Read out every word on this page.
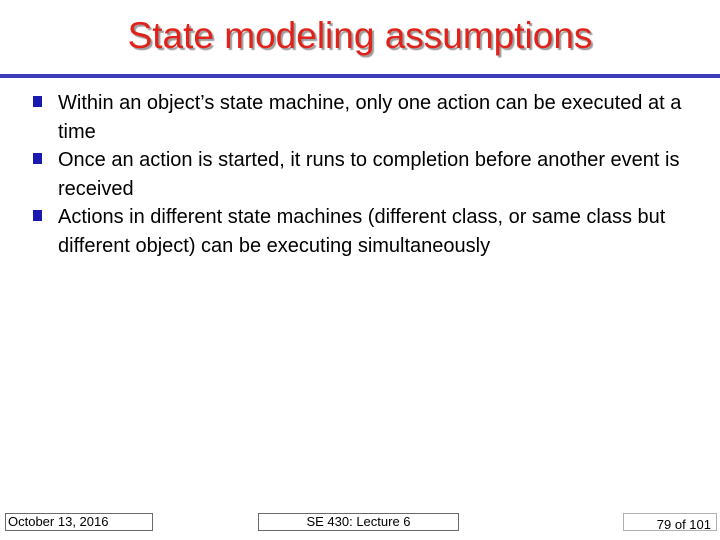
State modeling assumptions
Within an object’s state machine, only one action can be executed at a time
Once an action is started, it runs to completion before another event is received
Actions in different state machines (different class, or same class but different object) can be executing simultaneously
October 13, 2016	SE 430: Lecture 6	79 of 101
